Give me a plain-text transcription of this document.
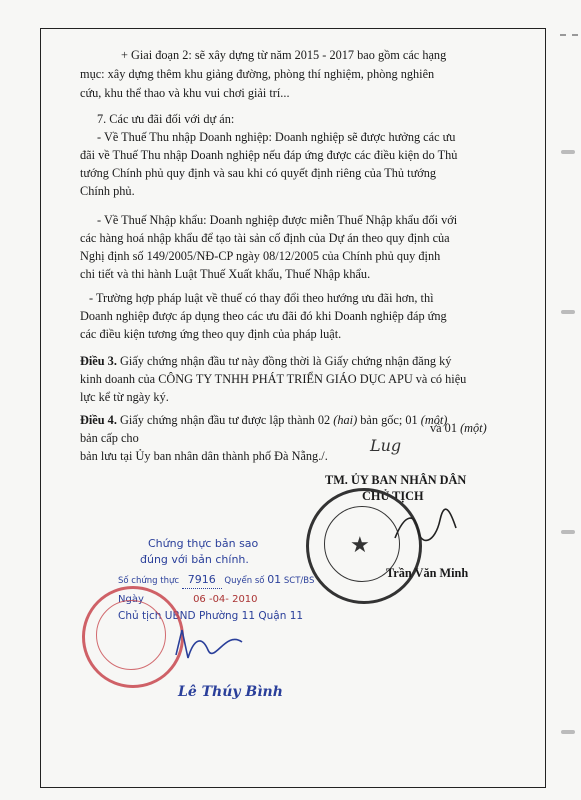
+ Giai đoạn 2: sẽ xây dựng từ năm 2015 - 2017 bao gồm các hạng
mục: xây dựng thêm khu giảng đường, phòng thí nghiệm, phòng nghiên
cứu, khu thể thao và khu vui chơi giải trí...
7. Các ưu đãi đối với dự án:
- Về Thuế Thu nhập Doanh nghiệp: Doanh nghiệp sẽ được hưởng các ưu
đãi về Thuế Thu nhập Doanh nghiệp nếu đáp ứng được các điều kiện do Thủ
tướng Chính phủ quy định và sau khi có quyết định riêng của Thủ tướng
Chính phủ.
- Về Thuế Nhập khẩu: Doanh nghiệp được miễn Thuế Nhập khẩu đối với
các hàng hoá nhập khẩu để tạo tài sản cố định của Dự án theo quy định của
Nghị định số 149/2005/NĐ-CP ngày 08/12/2005 của Chính phủ quy định
chi tiết và thi hành Luật Thuế Xuất khẩu, Thuế Nhập khẩu.
- Trường hợp pháp luật về thuế có thay đổi theo hướng ưu đãi hơn, thì
Doanh nghiệp được áp dụng theo các ưu đãi đó khi Doanh nghiệp đáp ứng
các điều kiện tương ứng theo quy định của pháp luật.
Điều 3. Giấy chứng nhận đầu tư này đồng thời là Giấy chứng nhận đăng ký
kinh doanh của CÔNG TY TNHH PHÁT TRIỂN GIÁO DỤC APU và có hiệu
lực kể từ ngày ký.
Điều 4. Giấy chứng nhận đầu tư được lập thành 02 (hai) bản gốc; 01 (một)
bản cấp cho
và 01 (một)
bản lưu tại Ủy ban nhân dân thành phố Đà Nẵng./.
Lug
TM. ỦY BAN NHÂN DÂN
CHỦ TỊCH
★
Trần Văn Minh
Chứng thực bản sao
đúng với bản chính.
Số chứng thực 7916 Quyển số 01 SCT/BS
Ngày	06 -04- 2010
Chủ tịch UBND Phường 11 Quận 11
Lê Thúy Bình
